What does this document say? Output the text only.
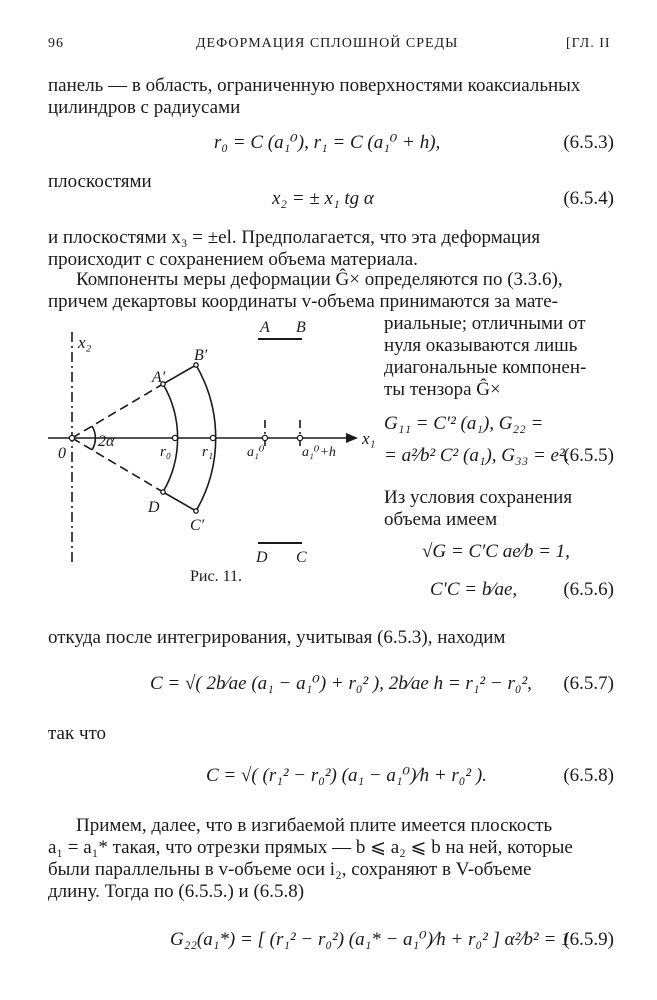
96	ДЕФОРМАЦИЯ СПЛОШНОЙ СРЕДЫ	[ГЛ. II
панель — в область, ограниченную поверхностями коаксиальных
цилиндров с радиусами
r₀ = C (a₁⁰), r₁ = C (a₁⁰ + h),	(6.5.3)
плоскостями
x₂ = ± x₁ tg α	(6.5.4)
и плоскостями x₃ = ±el. Предполагается, что эта деформация
происходит с сохранением объема материала.
Компоненты меры деформации Ĝ× определяются по (3.3.6),
причем декартовы координаты v-объема принимаются за мате-
риальные; отличными от
нуля оказываются лишь
диагональные компонен-
ты тензора Ĝ×
G₁₁ = C′² (a₁), G₂₂ =
= a²⁄b² C² (a₁), G₃₃ = e².
(6.5.5)
Из условия сохранения
объема имеем
√G = C′C ae⁄b = 1,
C′C = b⁄ae, (6.5.6)
x₂
x₁
0
2α
r₀ r₁ a₁⁰	a₁⁰+h
A′
B′
D
C′
A B
D C
Рис. 11.
откуда после интегрирования, учитывая (6.5.3), находим
C = √( 2b⁄ae (a₁ − a₁⁰) + r₀² ), 2b⁄ae h = r₁² − r₀², (6.5.7)
так что
C = √( (r₁² − r₀²) (a₁ − a₁⁰)⁄h + r₀² ).	(6.5.8)
Примем, далее, что в изгибаемой плите имеется плоскость
a₁ = a₁* такая, что отрезки прямых — b ⩽ a₂ ⩽ b на ней, которые
были параллельны в v-объеме оси i₂, сохраняют в V-объеме
длину. Тогда по (6.5.5.) и (6.5.8)
G₂₂(a₁*) = [ (r₁² − r₀²) (a₁* − a₁⁰)⁄h + r₀² ] α²⁄b² = 1
(6.5.9)
